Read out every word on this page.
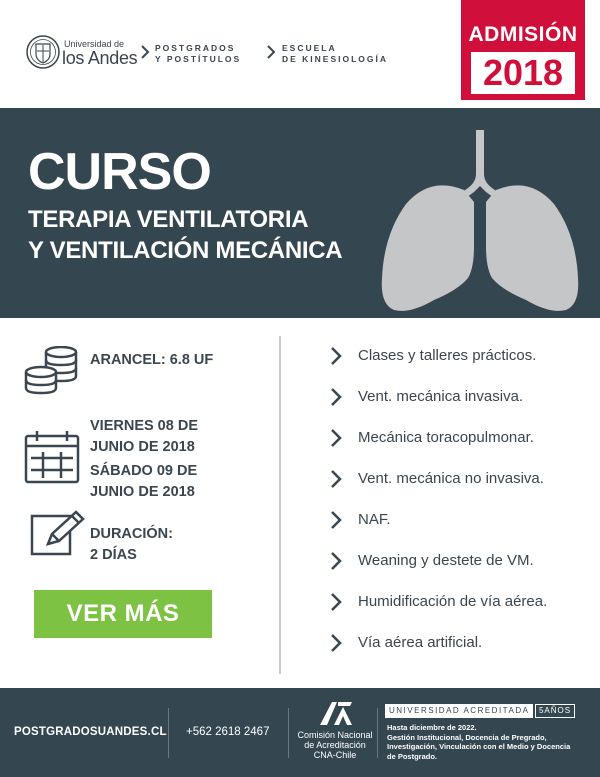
Universidad de
los Andes POSTGRADOS
Y POSTÍTULOS
ESCUELA
DE KINESIOLOGÍA
ADMISIÓN
2018
CURSO
TERAPIA VENTILATORIA
Y VENTILACIÓN MECÁNICA
ARANCEL: 6.8 UF
VIERNES 08 DE
JUNIO DE 2018
SÁBADO 09 DE
JUNIO DE 2018
DURACIÓN:
2 DÍAS
VER MÁS
Clases y talleres prácticos.
Vent. mecánica invasiva.
Mecánica toracopulmonar.
Vent. mecánica no invasiva.
NAF.
Weaning y destete de VM.
Humidificación de vía aérea.
Vía aérea artificial.
POSTGRADOSUANDES.CL +562 2618 2467	Comisión Nacional
de Acreditación
CNA-Chile
UNIVERSIDAD ACREDITADA	5AÑOS
Hasta diciembre de 2022.
Gestión Institucional, Docencia de Pregrado,
Investigación, Vinculación con el Medio y Docencia
de Postgrado.
